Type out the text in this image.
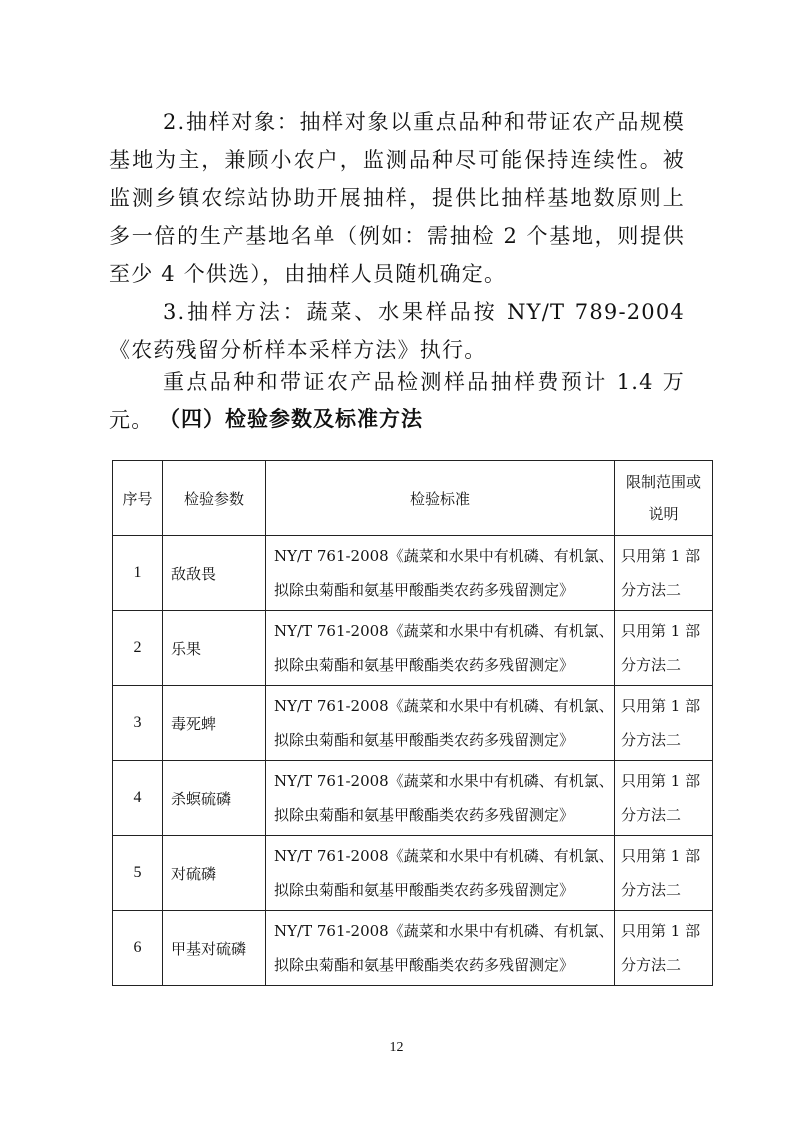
2.抽样对象：抽样对象以重点品种和带证农产品规模基地为主，兼顾小农户，监测品种尽可能保持连续性。被监测乡镇农综站协助开展抽样，提供比抽样基地数原则上多一倍的生产基地名单（例如：需抽检 2 个基地，则提供至少 4 个供选），由抽样人员随机确定。

3.抽样方法：蔬菜、水果样品按 NY/T 789-2004《农药残留分析样本采样方法》执行。

重点品种和带证农产品检测样品抽样费预计 1.4 万元。 （四）检验参数及标准方法
序号	检验参数	检验标准	限制范围或
说明

1	敌敌畏	NY/T 761-2008《蔬菜和水果中有机磷、有机氯、
拟除虫菊酯和氨基甲酸酯类农药多残留测定》	只用第 1 部
分方法二

2	乐果	NY/T 761-2008《蔬菜和水果中有机磷、有机氯、
拟除虫菊酯和氨基甲酸酯类农药多残留测定》	只用第 1 部
分方法二

3	毒死蜱	NY/T 761-2008《蔬菜和水果中有机磷、有机氯、
拟除虫菊酯和氨基甲酸酯类农药多残留测定》	只用第 1 部
分方法二

4	杀螟硫磷	NY/T 761-2008《蔬菜和水果中有机磷、有机氯、
拟除虫菊酯和氨基甲酸酯类农药多残留测定》	只用第 1 部
分方法二

5	对硫磷	NY/T 761-2008《蔬菜和水果中有机磷、有机氯、
拟除虫菊酯和氨基甲酸酯类农药多残留测定》	只用第 1 部
分方法二

6	甲基对硫磷	NY/T 761-2008《蔬菜和水果中有机磷、有机氯、
拟除虫菊酯和氨基甲酸酯类农药多残留测定》	只用第 1 部
分方法二
12
